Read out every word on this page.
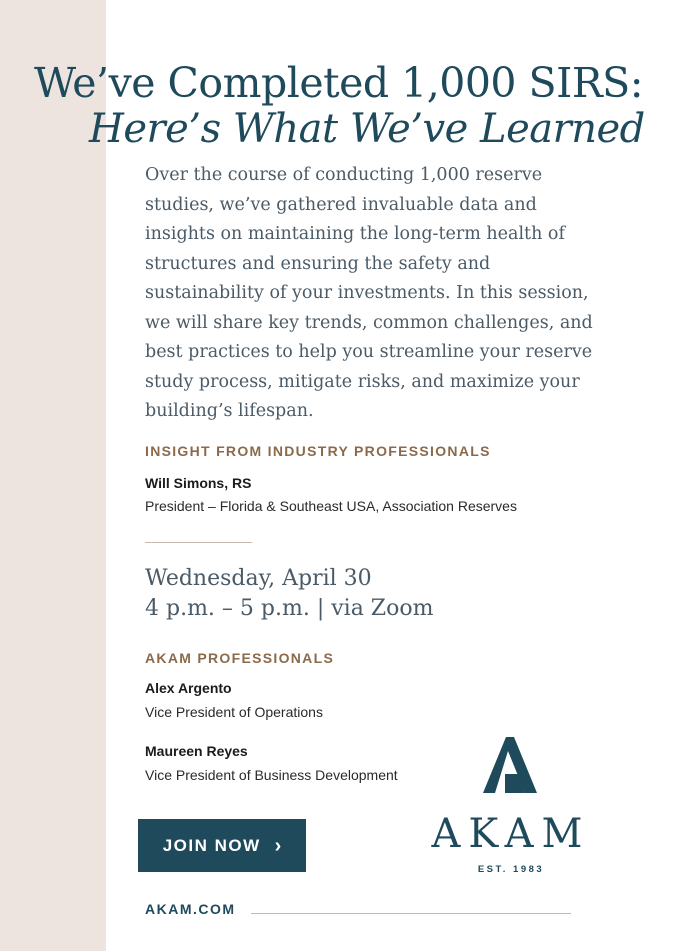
We’ve Completed 1,000 SIRS:
Here’s What We’ve Learned

Over the course of conducting 1,000 reserve studies, we’ve gathered invaluable data and insights on maintaining the long-term health of structures and ensuring the safety and sustainability of your investments. In this session, we will share key trends, common challenges, and best practices to help you streamline your reserve study process, mitigate risks, and maximize your building’s lifespan.

INSIGHT FROM INDUSTRY PROFESSIONALS
Will Simons, RS
President – Florida & Southeast USA, Association Reserves
Wednesday, April 30
4 p.m. – 5 p.m. | via Zoom
AKAM PROFESSIONALS
Alex Argento
Vice President of Operations
Maureen Reyes
Vice President of Business Development
JOIN NOW ›
AKAM.COM
AKAM
EST. 1983
